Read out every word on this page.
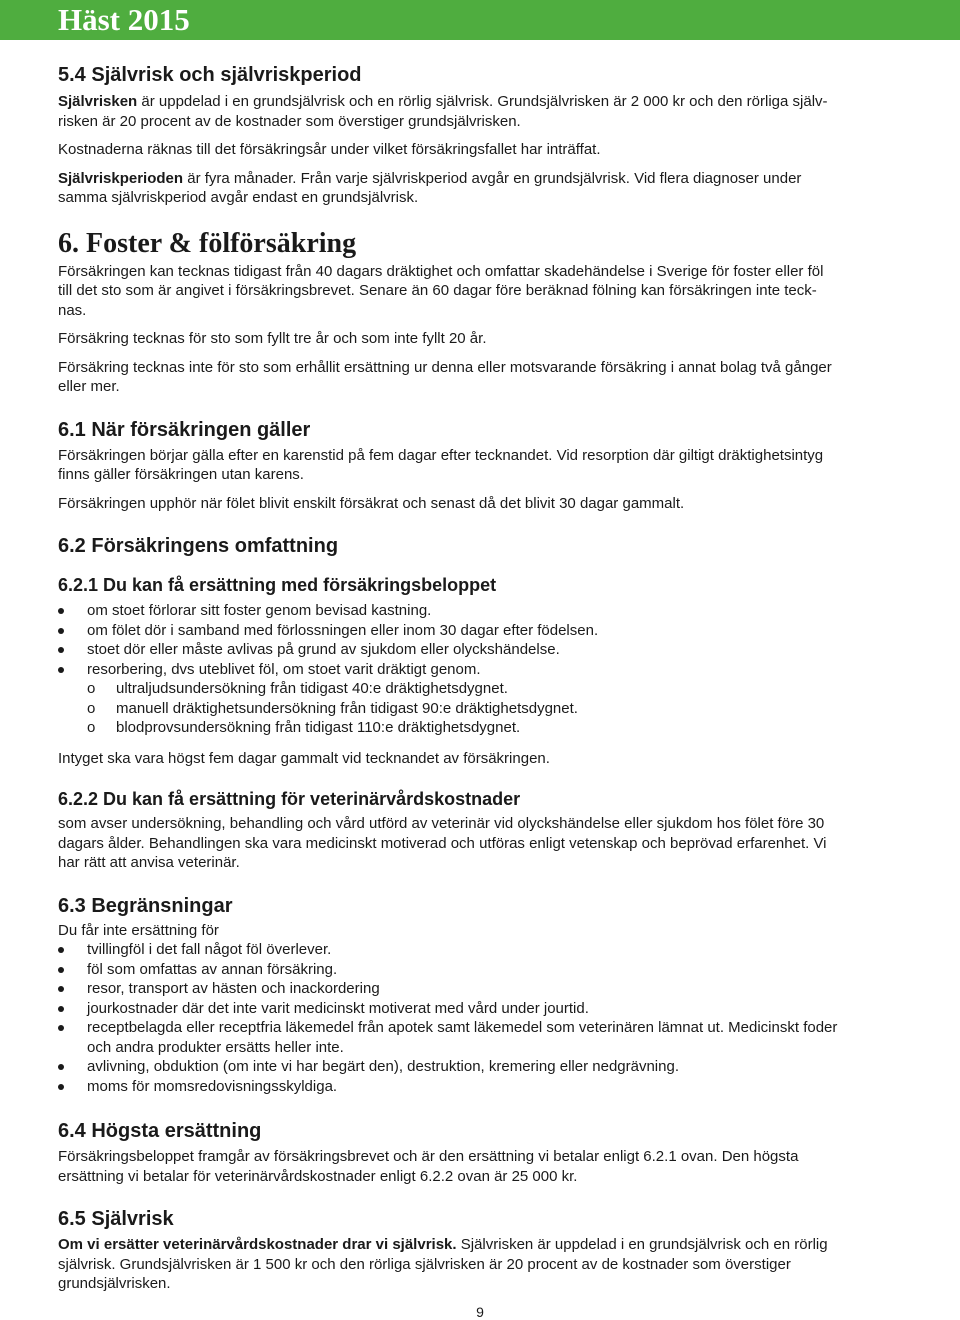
Häst 2015
5.4 Självrisk och självriskperiod

Självrisken är uppdelad i en grundsjälvrisk och en rörlig självrisk. Grundsjälvrisken är 2 000 kr och den rörliga själv-
risken är 20 procent av de kostnader som överstiger grundsjälvrisken.

Kostnaderna räknas till det försäkringsår under vilket försäkringsfallet har inträffat.

Självriskperioden är fyra månader. Från varje självriskperiod avgår en grundsjälvrisk. Vid flera diagnoser under
samma självriskperiod avgår endast en grundsjälvrisk.

6. Foster & fölförsäkring

Försäkringen kan tecknas tidigast från 40 dagars dräktighet och omfattar skadehändelse i Sverige för foster eller föl
till det sto som är angivet i försäkringsbrevet. Senare än 60 dagar före beräknad fölning kan försäkringen inte teck-
nas.

Försäkring tecknas för sto som fyllt tre år och som inte fyllt 20 år.

Försäkring tecknas inte för sto som erhållit ersättning ur denna eller motsvarande försäkring i annat bolag två gånger
eller mer.

6.1 När försäkringen gäller

Försäkringen börjar gälla efter en karenstid på fem dagar efter tecknandet. Vid resorption där giltigt dräktighetsintyg
finns gäller försäkringen utan karens.

Försäkringen upphör när fölet blivit enskilt försäkrat och senast då det blivit 30 dagar gammalt.

6.2 Försäkringens omfattning
6.2.1 Du kan få ersättning med försäkringsbeloppet
om stoet förlorar sitt foster genom bevisad kastning.
om fölet dör i samband med förlossningen eller inom 30 dagar efter födelsen.
stoet dör eller måste avlivas på grund av sjukdom eller olyckshändelse.
resorbering, dvs uteblivet föl, om stoet varit dräktigt genom.
o ultraljudsundersökning från tidigast 40:e dräktighetsdygnet.
o manuell dräktighetsundersökning från tidigast 90:e dräktighetsdygnet.
o blodprovsundersökning från tidigast 110:e dräktighetsdygnet.

Intyget ska vara högst fem dagar gammalt vid tecknandet av försäkringen.

6.2.2 Du kan få ersättning för veterinärvårdskostnader

som avser undersökning, behandling och vård utförd av veterinär vid olyckshändelse eller sjukdom hos fölet före 30
dagars ålder. Behandlingen ska vara medicinskt motiverad och utföras enligt vetenskap och beprövad erfarenhet. Vi
har rätt att anvisa veterinär.

6.3 Begränsningar

Du får inte ersättning för

tvillingföl i det fall något föl överlever.
föl som omfattas av annan försäkring.
resor, transport av hästen och inackordering
jourkostnader där det inte varit medicinskt motiverat med vård under jourtid.
receptbelagda eller receptfria läkemedel från apotek samt läkemedel som veterinären lämnat ut. Medicinskt foder
och andra produkter ersätts heller inte.
avlivning, obduktion (om inte vi har begärt den), destruktion, kremering eller nedgrävning.
moms för momsredovisningsskyldiga.
6.4 Högsta ersättning

Försäkringsbeloppet framgår av försäkringsbrevet och är den ersättning vi betalar enligt 6.2.1 ovan. Den högsta
ersättning vi betalar för veterinärvårdskostnader enligt 6.2.2 ovan är 25 000 kr.

6.5 Självrisk

Om vi ersätter veterinärvårdskostnader drar vi självrisk. Självrisken är uppdelad i en grundsjälvrisk och en rörlig
självrisk. Grundsjälvrisken är 1 500 kr och den rörliga självrisken är 20 procent av de kostnader som överstiger
grundsjälvrisken.

9
